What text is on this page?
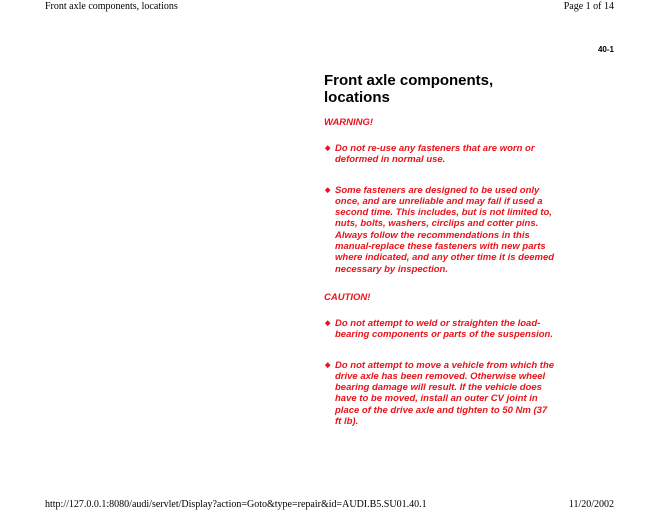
Front axle components, locations	Page 1 of 14
40-1
Front axle components, locations
WARNING!
◆ Do not re-use any fasteners that are worn or deformed in normal use.
◆ Some fasteners are designed to be used only once, and are unreliable and may fail if used a second time. This includes, but is not limited to, nuts, bolts, washers, circlips and cotter pins. Always follow the recommendations in this manual-replace these fasteners with new parts where indicated, and any other time it is deemed necessary by inspection.
CAUTION!
◆ Do not attempt to weld or straighten the load-bearing components or parts of the suspension.
◆ Do not attempt to move a vehicle from which the drive axle has been removed. Otherwise wheel bearing damage will result. If the vehicle does have to be moved, install an outer CV joint in place of the drive axle and tighten to 50 Nm (37 ft lb).
http://127.0.0.1:8080/audi/servlet/Display?action=Goto&type=repair&id=AUDI.B5.SU01.40.1	11/20/2002
